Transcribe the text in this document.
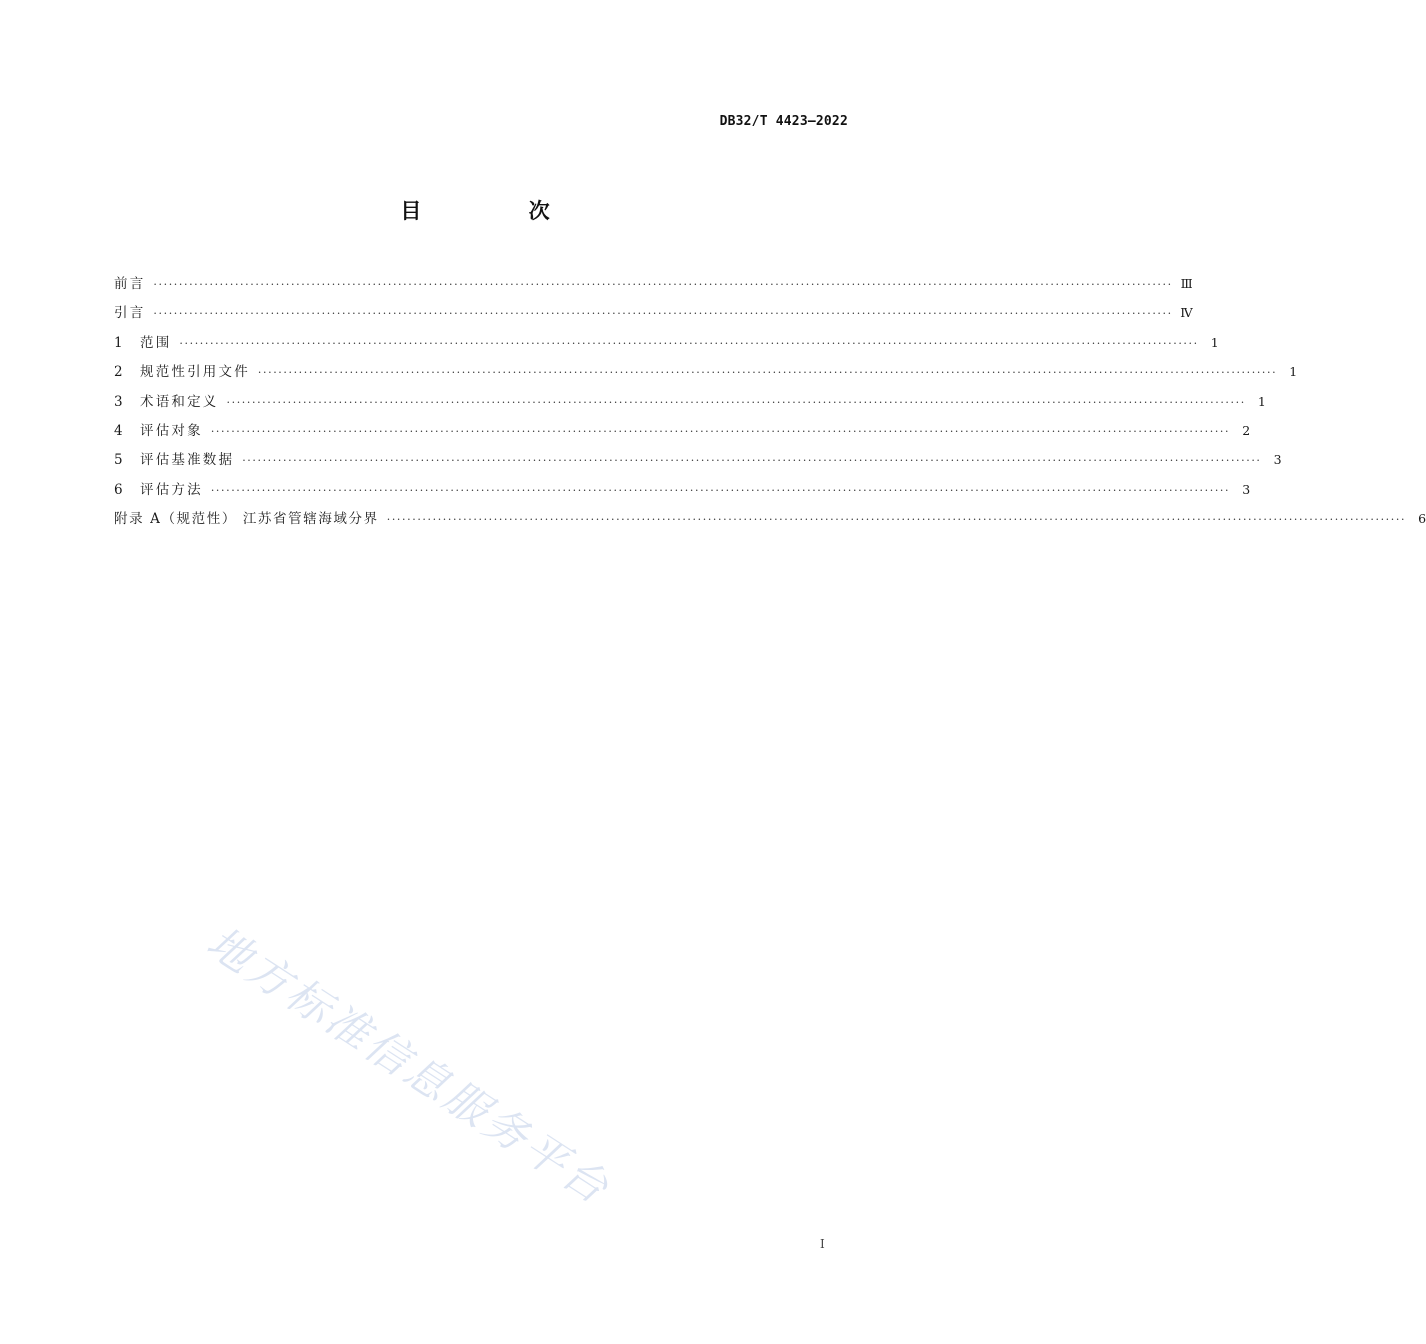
DB32/T 4423—2022
目 次
前言 ········································································································································································································ Ⅲ
引言 ········································································································································································································ Ⅳ
1	范围 ········································································································································································································ 1
2	规范性引用文件 ········································································································································································································ 1
3	术语和定义 ········································································································································································································ 1
4	评估对象 ········································································································································································································ 2
5	评估基准数据 ········································································································································································································ 3
6	评估方法 ········································································································································································································ 3
附录 A（规范性） 江苏省管辖海域分界 ········································································································································································································ 6
地方标准信息服务平台
I
